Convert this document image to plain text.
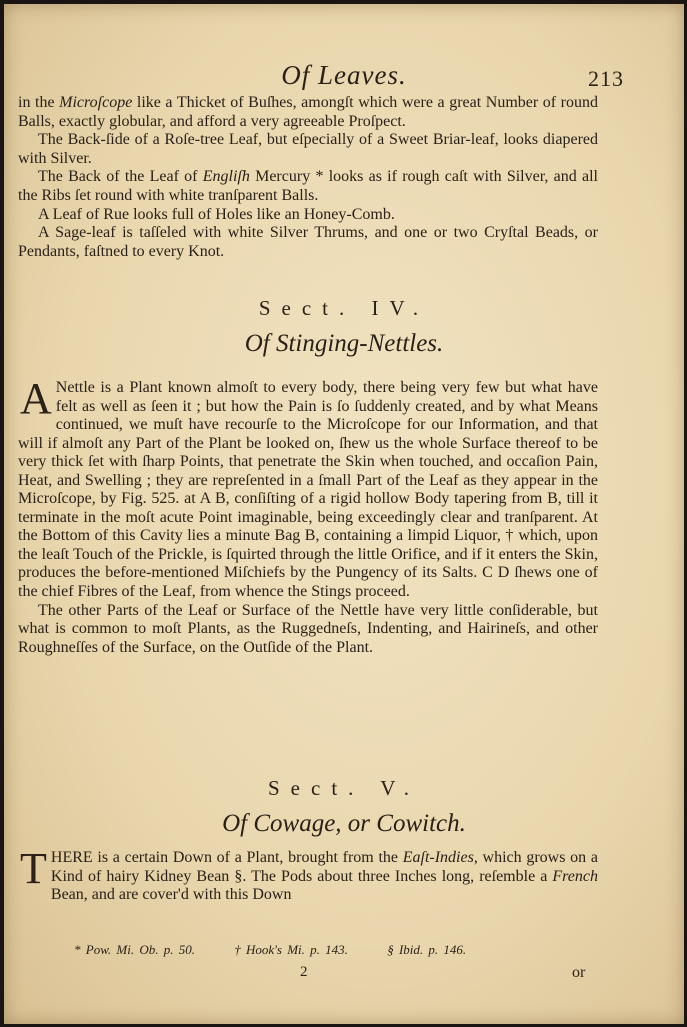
Of Leaves.	213

in the Microſcope like a Thicket of Buſhes, amongſt which were a great Number of round Balls, exactly globular, and afford a very agreeable Proſpect.

The Back-ſide of a Roſe-tree Leaf, but eſpecially of a Sweet Briar-leaf, looks diapered with Silver.

The Back of the Leaf of Engliſh Mercury * looks as if rough caſt with Silver, and all the Ribs ſet round with white tranſparent Balls.

A Leaf of Rue looks full of Holes like an Honey-Comb.

A Sage-leaf is taſſeled with white Silver Thrums, and one or two Cryſtal Beads, or Pendants, faſtned to every Knot.

Sect. IV.
Of Stinging-Nettles.

A Nettle is a Plant known almoſt to every body, there being very few but what have felt as well as ſeen it ; but how the Pain is ſo ſuddenly created, and by what Means continued, we muſt have recourſe to the Microſcope for our Information, and that will if almoſt any Part of the Plant be looked on, ſhew us the whole Surface thereof to be very thick ſet with ſharp Points, that penetrate the Skin when touched, and occaſion Pain, Heat, and Swelling ; they are repreſented in a ſmall Part of the Leaf as they appear in the Microſcope, by Fig. 525. at A B, conſiſting of a rigid hollow Body tapering from B, till it terminate in the moſt acute Point imaginable, being exceedingly clear and tranſparent. At the Bottom of this Cavity lies a minute Bag B, containing a limpid Liquor, † which, upon the leaſt Touch of the Prickle, is ſquirted through the little Orifice, and if it enters the Skin, produces the before-mentioned Miſchiefs by the Pungency of its Salts. C D ſhews one of the chief Fibres of the Leaf, from whence the Stings proceed.

The other Parts of the Leaf or Surface of the Nettle have very little conſiderable, but what is common to moſt Plants, as the Ruggedneſs, Indenting, and Hairineſs, and other Roughneſſes of the Surface, on the Outſide of the Plant.

Sect. V.
Of Cowage, or Cowitch.

THERE is a certain Down of a Plant, brought from the Eaſt-Indies, which grows on a Kind of hairy Kidney Bean §. The Pods about three Inches long, reſemble a French Bean, and are cover'd with this Down

* Pow. Mi. Ob. p. 50.	† Hook's Mi. p. 143.	§ Ibid. p. 146.
2	or
